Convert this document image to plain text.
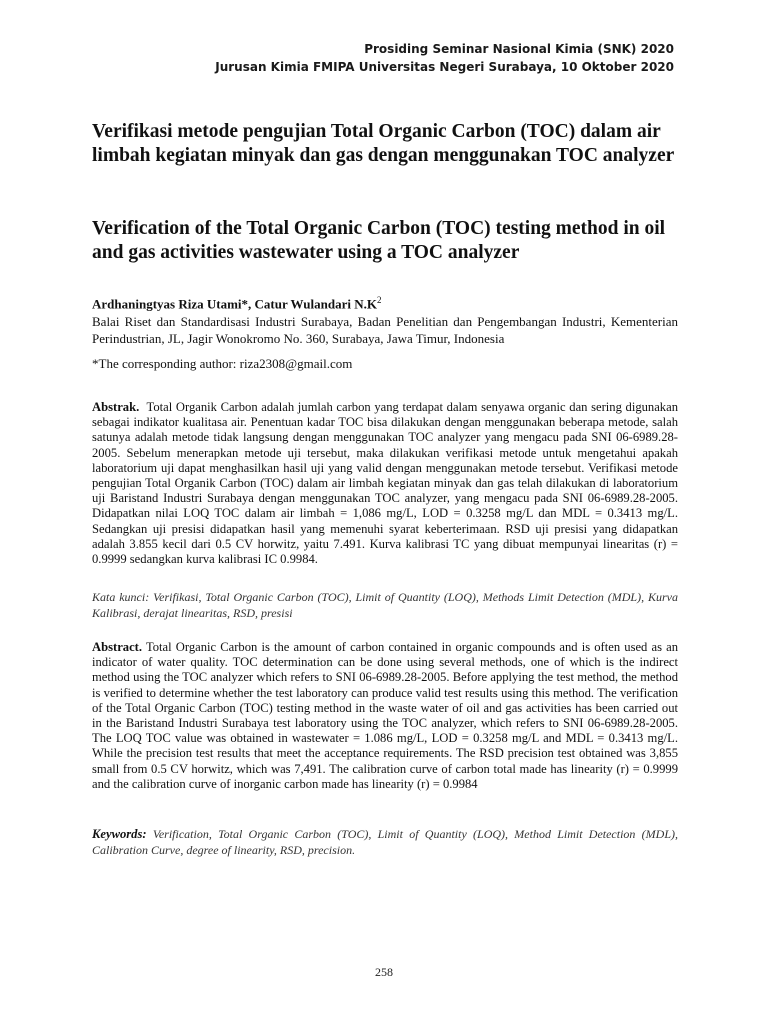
Prosiding Seminar Nasional Kimia (SNK) 2020
Jurusan Kimia FMIPA Universitas Negeri Surabaya, 10 Oktober 2020
Verifikasi metode pengujian Total Organic Carbon (TOC) dalam air limbah kegiatan minyak dan gas dengan menggunakan TOC analyzer
Verification of the Total Organic Carbon (TOC) testing method in oil and gas activities wastewater using a TOC analyzer
Ardhaningtyas Riza Utami*, Catur Wulandari $N.K^2$
Balai Riset dan Standardisasi Industri Surabaya, Badan Penelitian dan Pengembangan Industri, Kementerian Perindustrian, JL, Jagir Wonokromo No. 360, Surabaya, Jawa Timur, Indonesia
*The corresponding author: riza2308@gmail.com
Abstrak. Total Organik Carbon adalah jumlah carbon yang terdapat dalam senyawa organic dan sering digunakan sebagai indikator kualitasa air. Penentuan kadar TOC bisa dilakukan dengan menggunakan beberapa metode, salah satunya adalah metode tidak langsung dengan menggunakan TOC analyzer yang mengacu pada SNI 06-6989.28-2005. Sebelum menerapkan metode uji tersebut, maka dilakukan verifikasi metode untuk mengetahui apakah laboratorium uji dapat menghasilkan hasil uji yang valid dengan menggunakan metode tersebut. Verifikasi metode pengujian Total Organik Carbon (TOC) dalam air limbah kegiatan minyak dan gas telah dilakukan di laboratorium uji Baristand Industri Surabaya dengan menggunakan TOC analyzer, yang mengacu pada SNI 06-6989.28-2005. Didapatkan nilai LOQ TOC dalam air limbah = 1,086 mg/L, LOD = 0.3258 mg/L dan MDL = 0.3413 mg/L. Sedangkan uji presisi didapatkan hasil yang memenuhi syarat keberterimaan. RSD uji presisi yang didapatkan adalah 3.855 kecil dari 0.5 CV horwitz, yaitu 7.491. Kurva kalibrasi TC yang dibuat mempunyai linearitas (r) = 0.9999 sedangkan kurva kalibrasi IC 0.9984.
Kata kunci: Verifikasi, Total Organic Carbon (TOC), Limit of Quantity (LOQ), Methods Limit Detection (MDL), Kurva Kalibrasi, derajat linearitas, RSD, presisi
Abstract. Total Organic Carbon is the amount of carbon contained in organic compounds and is often used as an indicator of water quality. TOC determination can be done using several methods, one of which is the indirect method using the TOC analyzer which refers to SNI 06-6989.28-2005. Before applying the test method, the method is verified to determine whether the test laboratory can produce valid test results using this method. The verification of the Total Organic Carbon (TOC) testing method in the waste water of oil and gas activities has been carried out in the Baristand Industri Surabaya test laboratory using the TOC analyzer, which refers to SNI 06-6989.28-2005. The LOQ TOC value was obtained in wastewater = 1.086 mg/L, LOD = 0.3258 mg/L and MDL = 0.3413 mg/L. While the precision test results that meet the acceptance requirements. The RSD precision test obtained was 3,855 small from 0.5 CV horwitz, which was 7,491. The calibration curve of carbon total made has linearity (r) = 0.9999 and the calibration curve of inorganic carbon made has linearity (r) = 0.9984
Keywords: Verification, Total Organic Carbon (TOC), Limit of Quantity (LOQ), Method Limit Detection (MDL), Calibration Curve, degree of linearity, RSD, precision.
258
